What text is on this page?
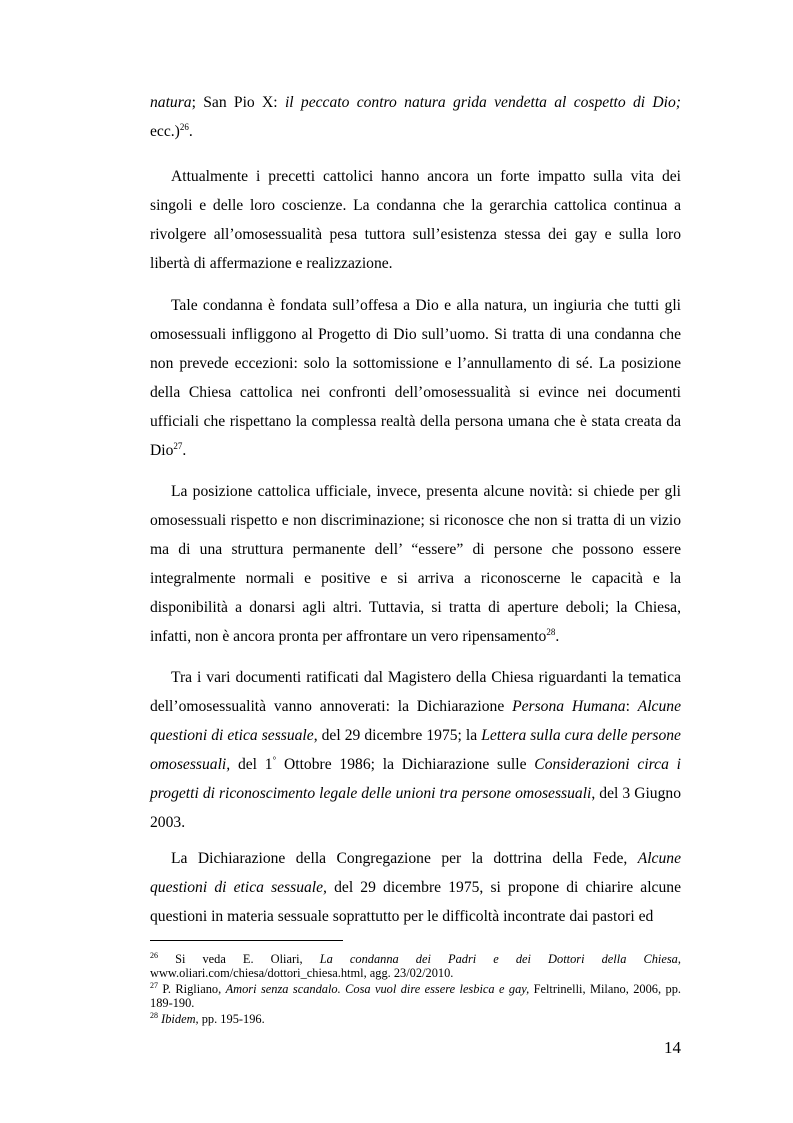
natura; San Pio X: il peccato contro natura grida vendetta al cospetto di Dio; ecc.)$^{26}$.

Attualmente i precetti cattolici hanno ancora un forte impatto sulla vita dei singoli e delle loro coscienze. La condanna che la gerarchia cattolica continua a rivolgere all’omosessualità pesa tuttora sull’esistenza stessa dei gay e sulla loro libertà di affermazione e realizzazione.

Tale condanna è fondata sull’offesa a Dio e alla natura, un ingiuria che tutti gli omosessuali infliggono al Progetto di Dio sull’uomo. Si tratta di una condanna che non prevede eccezioni: solo la sottomissione e l’annullamento di sé. La posizione della Chiesa cattolica nei confronti dell’omosessualità si evince nei documenti ufficiali che rispettano la complessa realtà della persona umana che è stata creata da Dio$^{27}$.

La posizione cattolica ufficiale, invece, presenta alcune novità: si chiede per gli omosessuali rispetto e non discriminazione; si riconosce che non si tratta di un vizio ma di una struttura permanente dell’ “essere” di persone che possono essere integralmente normali e positive e si arriva a riconoscerne le capacità e la disponibilità a donarsi agli altri. Tuttavia, si tratta di aperture deboli; la Chiesa, infatti, non è ancora pronta per affrontare un vero ripensamento$^{28}$.

Tra i vari documenti ratificati dal Magistero della Chiesa riguardanti la tematica dell’omosessualità vanno annoverati: la Dichiarazione Persona Humana: Alcune questioni di etica sessuale, del 29 dicembre 1975; la Lettera sulla cura delle persone omosessuali, del 1° Ottobre 1986; la Dichiarazione sulle Considerazioni circa i progetti di riconoscimento legale delle unioni tra persone omosessuali, del 3 Giugno 2003.

La Dichiarazione della Congregazione per la dottrina della Fede, Alcune questioni di etica sessuale, del 29 dicembre 1975, si propone di chiarire alcune questioni in materia sessuale soprattutto per le difficoltà incontrate dai pastori ed

$^{26}$ Si veda E. Oliari, La condanna dei Padri e dei Dottori della Chiesa, www.oliari.com/chiesa/dottori_chiesa.html, agg. 23/02/2010.

$^{27}$ P. Rigliano, Amori senza scandalo. Cosa vuol dire essere lesbica e gay, Feltrinelli, Milano, 2006, pp. 189-190.

$^{28}$ Ibidem, pp. 195-196.

14
